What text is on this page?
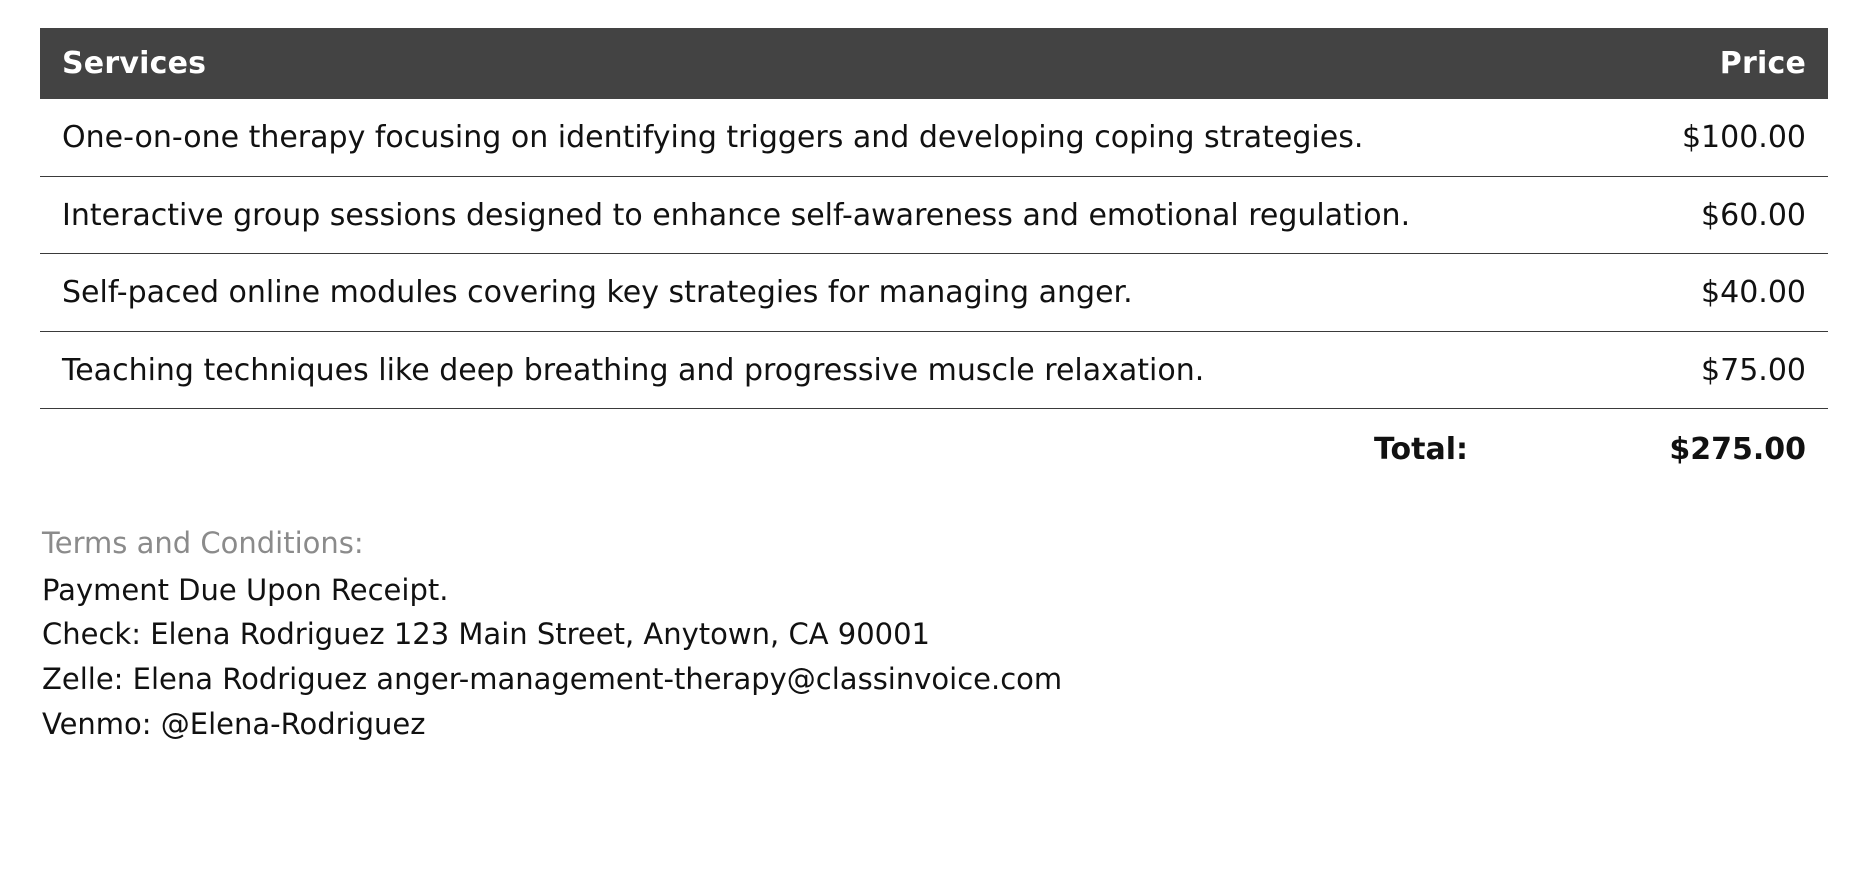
Services	Price
One-on-one therapy focusing on identifying triggers and developing coping strategies.	$100.00
Interactive group sessions designed to enhance self-awareness and emotional regulation.	$60.00
Self-paced online modules covering key strategies for managing anger.	$40.00
Teaching techniques like deep breathing and progressive muscle relaxation.	$75.00
Total:	$275.00
Terms and Conditions:
Payment Due Upon Receipt.
Check: Elena Rodriguez 123 Main Street, Anytown, CA 90001
Zelle: Elena Rodriguez anger-management-therapy@classinvoice.com
Venmo: @Elena-Rodriguez
